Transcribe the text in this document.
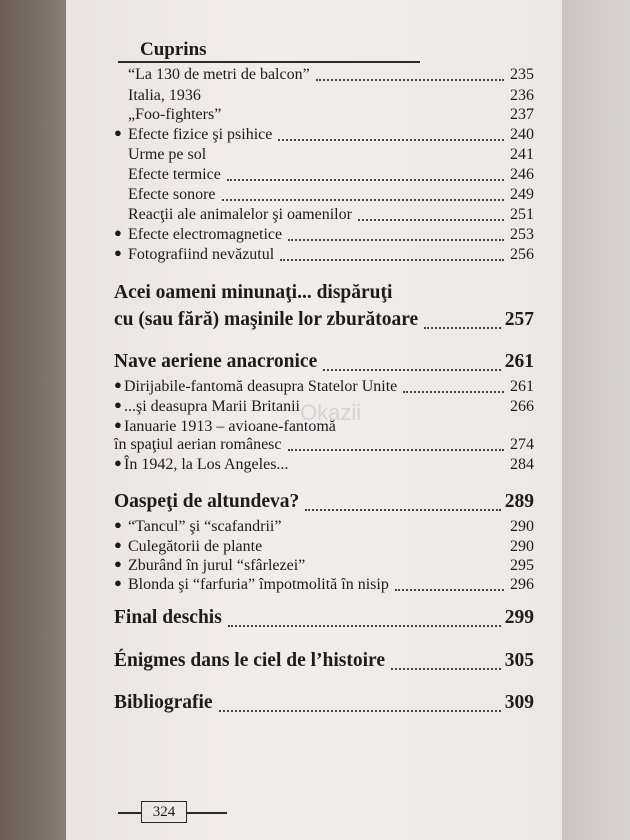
Cuprins
“La 130 de metri de balcon”	235
Italia, 1936	236
„Foo-fighters”	237
● Efecte fizice şi psihice	240
Urme pe sol	241
Efecte termice	246
Efecte sonore	249
Reacţii ale animalelor şi oamenilor	251
● Efecte electromagnetice	253
● Fotografiind nevăzutul	256
Acei oameni minunaţi... dispăruţi
cu (sau fără) maşinile lor zburătoare	257
Nave aeriene anacronice	261
● Dirijabile-fantomă deasupra Statelor Unite	261
● ...şi deasupra Marii Britanii	266
● Ianuarie 1913 – avioane-fantomă
în spaţiul aerian românesc	274
● În 1942, la Los Angeles...	284
Oaspeţi de altundeva?	289
● “Tancul” şi “scafandrii”	290
● Culegătorii de plante	290
● Zburând în jurul “sfârlezei”	295
● Blonda şi “farfuria” împotmolită în nisip	296
Final deschis	299
Énigmes dans le ciel de l’histoire	305
Bibliografie	309
324
Okazii
